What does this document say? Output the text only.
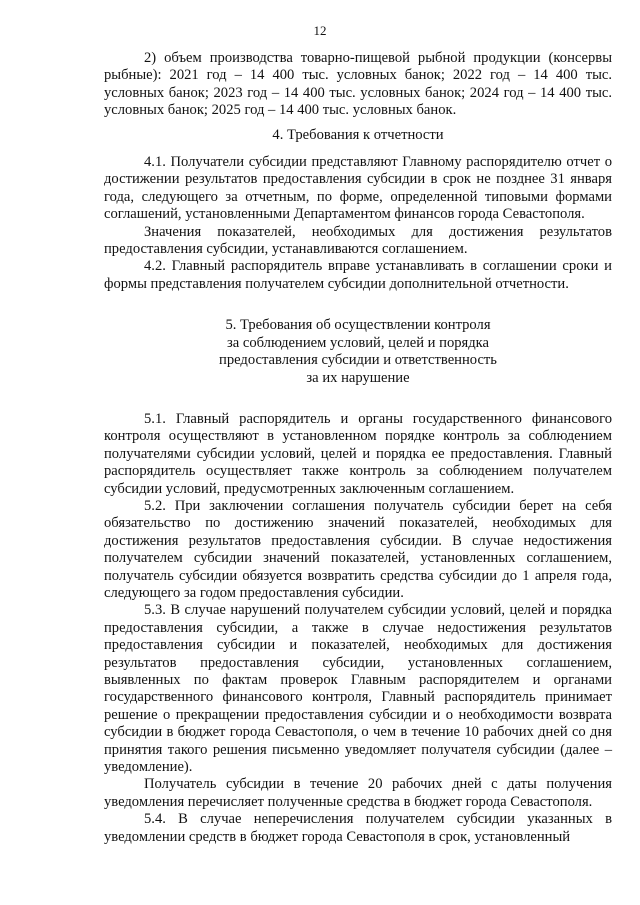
12

2) объем производства товарно-пищевой рыбной продукции (консервы рыбные): 2021 год – 14 400 тыс. условных банок; 2022 год – 14 400 тыс. условных банок; 2023 год – 14 400 тыс. условных банок; 2024 год – 14 400 тыс. условных банок; 2025 год – 14 400 тыс. условных банок.

4. Требования к отчетности

4.1. Получатели субсидии представляют Главному распорядителю отчет о достижении результатов предоставления субсидии в срок не позднее 31 января года, следующего за отчетным, по форме, определенной типовыми формами соглашений, установленными Департаментом финансов города Севастополя.

Значения показателей, необходимых для достижения результатов предоставления субсидии, устанавливаются соглашением.

4.2. Главный распорядитель вправе устанавливать в соглашении сроки и формы представления получателем субсидии дополнительной отчетности.

5. Требования об осуществлении контроля

за соблюдением условий, целей и порядка

предоставления субсидии и ответственность

за их нарушение

5.1. Главный распорядитель и органы государственного финансового контроля осуществляют в установленном порядке контроль за соблюдением получателями субсидии условий, целей и порядка ее предоставления. Главный распорядитель осуществляет также контроль за соблюдением получателем субсидии условий, предусмотренных заключенным соглашением.

5.2. При заключении соглашения получатель субсидии берет на себя обязательство по достижению значений показателей, необходимых для достижения результатов предоставления субсидии. В случае недостижения получателем субсидии значений показателей, установленных соглашением, получатель субсидии обязуется возвратить средства субсидии до 1 апреля года, следующего за годом предоставления субсидии.

5.3. В случае нарушений получателем субсидии условий, целей и порядка предоставления субсидии, а также в случае недостижения результатов предоставления субсидии и показателей, необходимых для достижения результатов предоставления субсидии, установленных соглашением, выявленных по фактам проверок Главным распорядителем и органами государственного финансового контроля, Главный распорядитель принимает решение о прекращении предоставления субсидии и о необходимости возврата субсидии в бюджет города Севастополя, о чем в течение 10 рабочих дней со дня принятия такого решения письменно уведомляет получателя субсидии (далее – уведомление).

Получатель субсидии в течение 20 рабочих дней с даты получения уведомления перечисляет полученные средства в бюджет города Севастополя.

5.4. В случае неперечисления получателем субсидии указанных в уведомлении средств в бюджет города Севастополя в срок, установленный
